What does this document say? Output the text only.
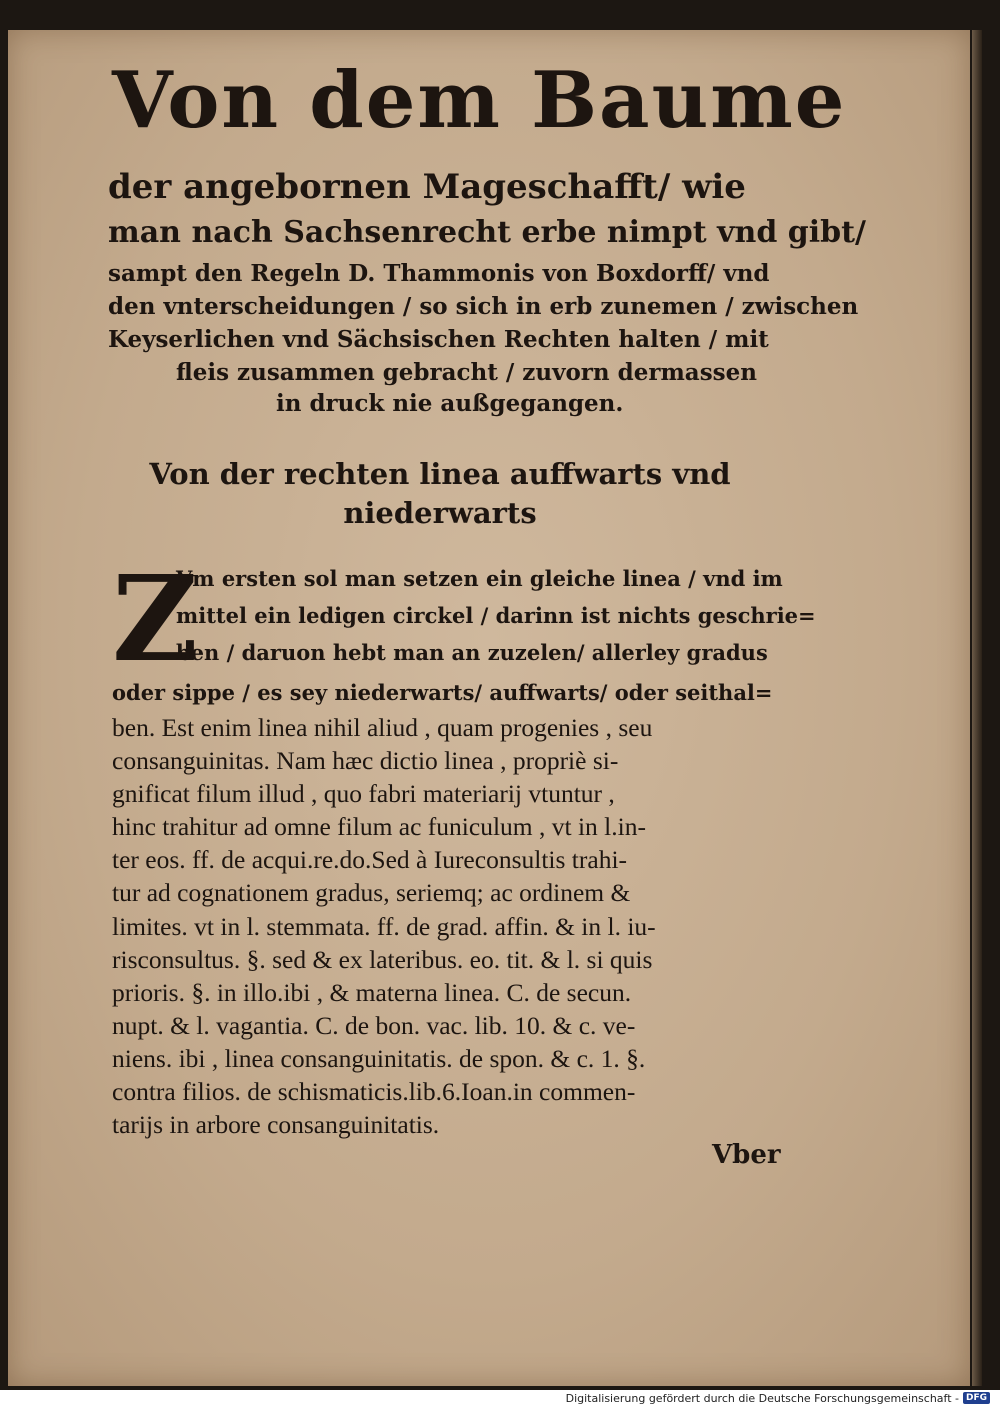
Von dem Baume
der angebornen Mageschafft/ wie
man nach Sachsenrecht erbe nimpt vnd gibt/
sampt den Regeln D. Thammonis von Boxdorff/ vnd
den vnterscheidungen / so sich in erb zunemen / zwischen
Keyserlichen vnd Sächsischen Rechten halten / mit
fleis zusammen gebracht / zuvorn dermassen
in druck nie außgegangen.
Von der rechten linea auffwarts vnd
niederwarts
Z
Vm ersten sol man setzen ein gleiche linea / vnd im
mittel ein ledigen circkel / darinn ist nichts geschrie=
ben / daruon hebt man an zuzelen/ allerley gradus
oder sippe / es sey niederwarts/ auffwarts/ oder seithal=
ben. Est enim linea nihil aliud , quam progenies , seu
consanguinitas. Nam hæc dictio linea , propriè si-
gnificat filum illud , quo fabri materiarij vtuntur ,
hinc trahitur ad omne filum ac funiculum , vt in l.in-
ter eos. ff. de acqui.re.do.Sed à Iureconsultis trahi-
tur ad cognationem gradus, seriemq; ac ordinem &
limites. vt in l. stemmata. ff. de grad. affin. & in l. iu-
risconsultus. §. sed & ex lateribus. eo. tit. & l. si quis
prioris. §. in illo.ibi , & materna linea. C. de secun.
nupt. & l. vagantia. C. de bon. vac. lib. 10. & c. ve-
niens. ibi , linea consanguinitatis. de spon. & c. 1. §.
contra filios. de schismaticis.lib.6.Ioan.in commen-
tarijs in arbore consanguinitatis.
Vber
Digitalisierung gefördert durch die Deutsche Forschungsgemeinschaft - DFG
